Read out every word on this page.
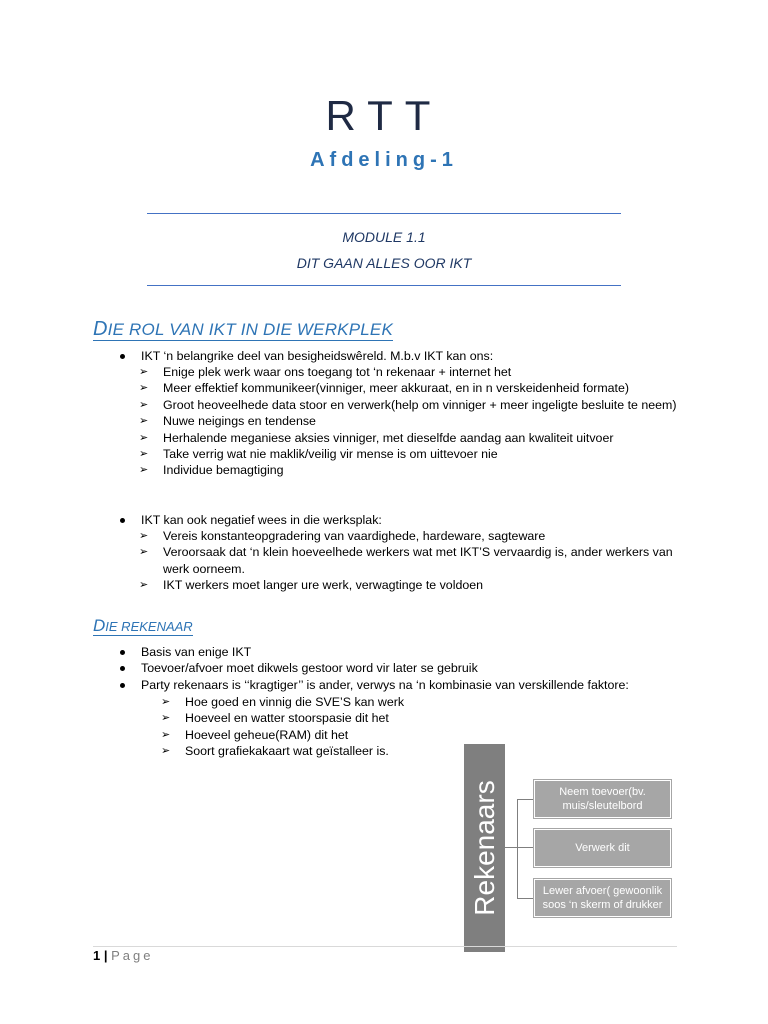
RTT
Afdeling-1
MODULE 1.1
DIT GAAN ALLES OOR IKT
DIE ROL VAN IKT IN DIE WERKPLEK
IKT ‘n belangrike deel van besigheidswêreld. M.b.v IKT kan ons:
➢ Enige plek werk waar ons toegang tot ‘n rekenaar + internet het
➢ Meer effektief kommunikeer(vinniger, meer akkuraat, en in n verskeidenheid formate)
➢ Groot heoveelhede data stoor en verwerk(help om vinniger + meer ingeligte besluite te neem)
➢ Nuwe neigings en tendense
➢ Herhalende meganiese aksies vinniger, met dieselfde aandag aan kwaliteit uitvoer
➢ Take verrig wat nie maklik/veilig vir mense is om uittevoer nie
➢ Individue bemagtiging
IKT kan ook negatief wees in die werksplak:
➢ Vereis konstanteopgradering van vaardighede, hardeware, sagteware
➢ Veroorsaak dat ‘n klein hoeveelhede werkers wat met IKT’S vervaardig is, ander werkers van werk oorneem.
➢ IKT werkers moet langer ure werk, verwagtinge te voldoen
DIE REKENAAR
Basis van enige IKT
Toevoer/afvoer moet dikwels gestoor word vir later se gebruik
Party rekenaars is ‘‘kragtiger’’ is ander, verwys na ‘n kombinasie van verskillende faktore:
➢ Hoe goed en vinnig die SVE’S kan werk
➢ Hoeveel en watter stoorspasie dit het
➢ Hoeveel geheue(RAM) dit het
➢ Soort grafiekakaart wat geïstalleer is.
Rekenaars	Neem toevoer(bv. muis/sleutelbord
Verwerk dit
Lewer afvoer( gewoonlik soos ‘n skerm of drukker
1 | Page
